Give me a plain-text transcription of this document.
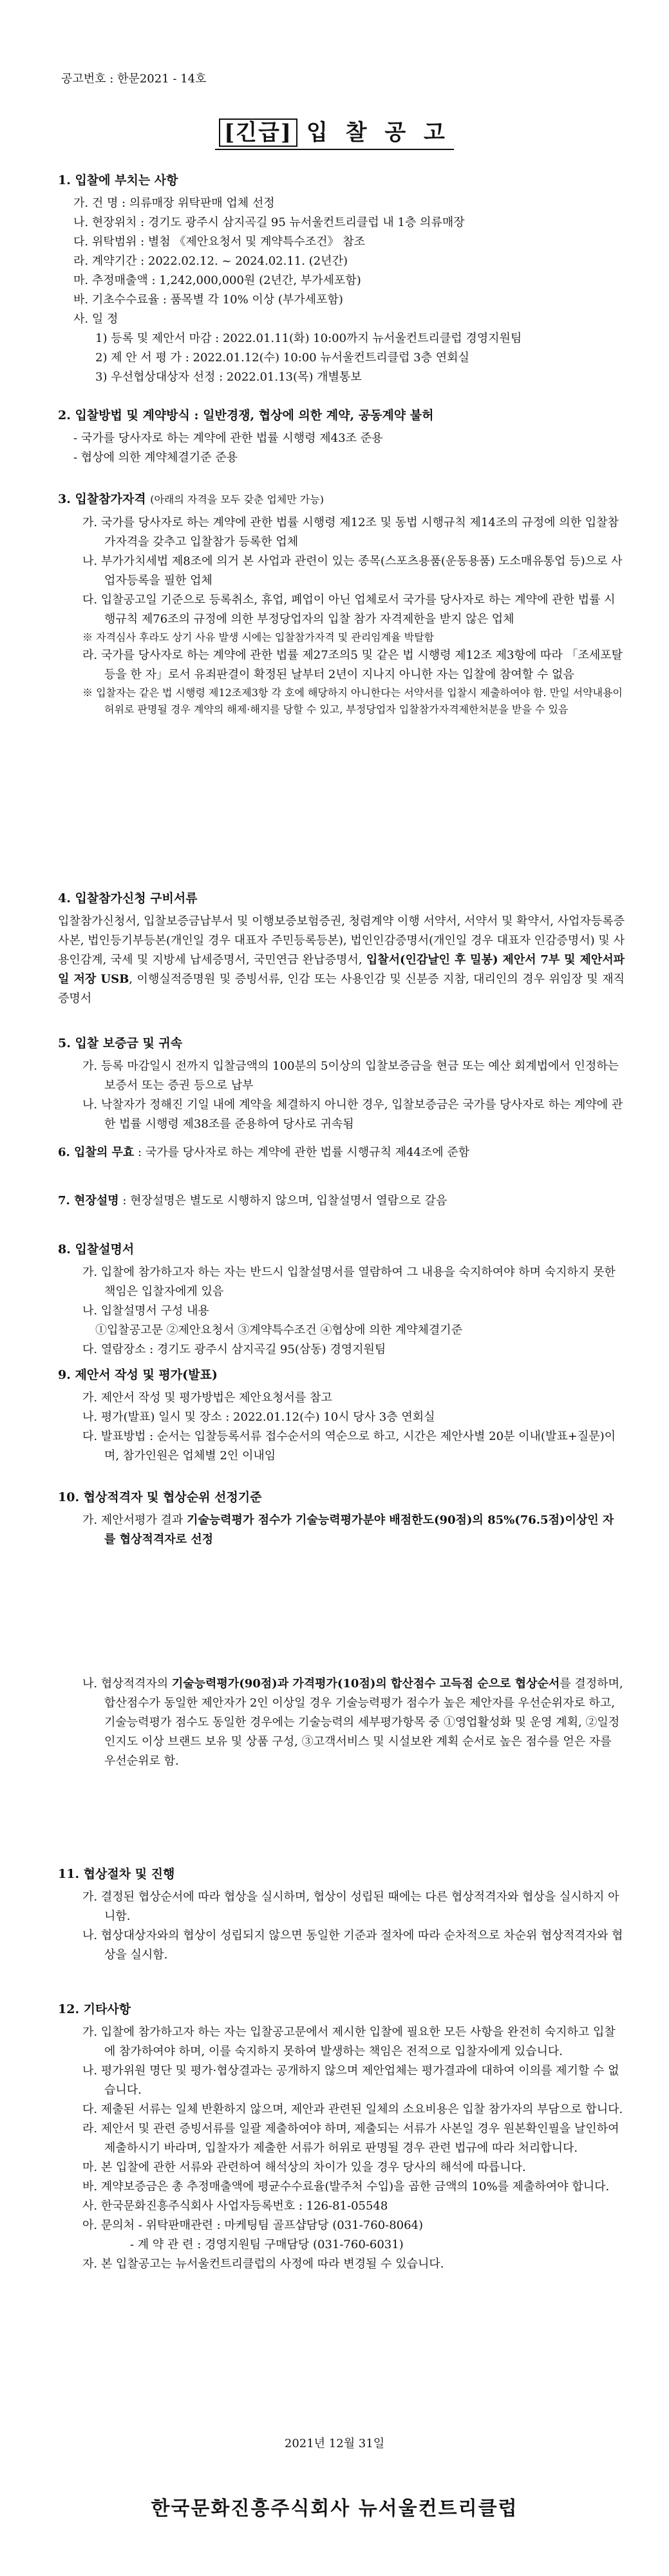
공고번호 : 한문2021 - 14호
[긴급] 입 찰 공 고
1. 입찰에 부치는 사항
가. 건 명 : 의류매장 위탁판매 업체 선정
나. 현장위치 : 경기도 광주시 삼지곡길 95 뉴서울컨트리클럽 내 1층 의류매장
다. 위탁범위 : 별첨 《제안요청서 및 계약특수조건》 참조
라. 계약기간 : 2022.02.12. ~ 2024.02.11. (2년간)
마. 추정매출액 : 1,242,000,000원 (2년간, 부가세포함)
바. 기초수수료율 : 품목별 각 10% 이상 (부가세포함)
사. 일 정
1) 등록 및 제안서 마감 : 2022.01.11(화) 10:00까지 뉴서울컨트리클럽 경영지원팀
2) 제 안 서 평 가 : 2022.01.12(수) 10:00 뉴서울컨트리클럽 3층 연회실
3) 우선협상대상자 선정 : 2022.01.13(목) 개별통보
2. 입찰방법 및 계약방식 : 일반경쟁, 협상에 의한 계약, 공동계약 불허
- 국가를 당사자로 하는 계약에 관한 법률 시행령 제43조 준용
- 협상에 의한 계약체결기준 준용
3. 입찰참가자격 (아래의 자격을 모두 갖춘 업체만 가능)
가. 국가를 당사자로 하는 계약에 관한 법률 시행령 제12조 및 동법 시행규칙 제14조의 규정에 의한 입찰참가자격을 갖추고 입찰참가 등록한 업체
나. 부가가치세법 제8조에 의거 본 사업과 관련이 있는 종목(스포츠용품(운동용품) 도소매유통업 등)으로 사업자등록을 필한 업체
다. 입찰공고일 기준으로 등록취소, 휴업, 폐업이 아닌 업체로서 국가를 당사자로 하는 계약에 관한 법률 시행규칙 제76조의 규정에 의한 부정당업자의 입찰 참가 자격제한을 받지 않은 업체
※ 자격심사 후라도 상기 사유 발생 시에는 입찰참가자격 및 관리임계율 박탈함
라. 국가를 당사자로 하는 계약에 관한 법률 제27조의5 및 같은 법 시행령 제12조 제3항에 따라 「조세포탈 등을 한 자」로서 유죄판결이 확정된 날부터 2년이 지나지 아니한 자는 입찰에 참여할 수 없음
※ 입찰자는 같은 법 시행령 제12조제3항 각 호에 해당하지 아니한다는 서약서를 입찰시 제출하여야 함. 만일 서약내용이 허위로 판명될 경우 계약의 해제·해지를 당할 수 있고, 부정당업자 입찰참가자격제한처분을 받을 수 있음
4. 입찰참가신청 구비서류
입찰참가신청서, 입찰보증금납부서 및 이행보증보험증권, 청렴계약 이행 서약서, 서약서 및 확약서, 사업자등록증 사본, 법인등기부등본(개인일 경우 대표자 주민등록등본), 법인인감증명서(개인일 경우 대표자 인감증명서) 및 사용인감계, 국세 및 지방세 납세증명서, 국민연금 완납증명서, 입찰서(인감날인 후 밀봉) 제안서 7부 및 제안서파일 저장 USB, 이행실적증명원 및 증빙서류, 인감 또는 사용인감 및 신분증 지참, 대리인의 경우 위임장 및 재직증명서
5. 입찰 보증금 및 귀속
가. 등록 마감일시 전까지 입찰금액의 100분의 5이상의 입찰보증금을 현금 또는 예산 회계법에서 인정하는 보증서 또는 증권 등으로 납부
나. 낙찰자가 정해진 기일 내에 계약을 체결하지 아니한 경우, 입찰보증금은 국가를 당사자로 하는 계약에 관한 법률 시행령 제38조를 준용하여 당사로 귀속됨
6. 입찰의 무효 : 국가를 당사자로 하는 계약에 관한 법률 시행규칙 제44조에 준함
7. 현장설명 : 현장설명은 별도로 시행하지 않으며, 입찰설명서 열람으로 갈음
8. 입찰설명서
가. 입찰에 참가하고자 하는 자는 반드시 입찰설명서를 열람하여 그 내용을 숙지하여야 하며 숙지하지 못한 책임은 입찰자에게 있음
나. 입찰설명서 구성 내용
①입찰공고문 ②제안요청서 ③계약특수조건 ④협상에 의한 계약체결기준
다. 열람장소 : 경기도 광주시 삼지곡길 95(삼동) 경영지원팀
9. 제안서 작성 및 평가(발표)
가. 제안서 작성 및 평가방법은 제안요청서를 참고
나. 평가(발표) 일시 및 장소 : 2022.01.12(수) 10시 당사 3층 연회실
다. 발표방법 : 순서는 입찰등록서류 접수순서의 역순으로 하고, 시간은 제안사별 20분 이내(발표+질문)이며, 참가인원은 업체별 2인 이내임
10. 협상적격자 및 협상순위 선정기준
가. 제안서평가 결과 기술능력평가 점수가 기술능력평가분야 배점한도(90점)의 85%(76.5점)이상인 자를 협상적격자로 선정
나. 협상적격자의 기술능력평가(90점)과 가격평가(10점)의 합산점수 고득점 순으로 협상순서를 결정하며, 합산점수가 동일한 제안자가 2인 이상일 경우 기술능력평가 점수가 높은 제안자를 우선순위자로 하고, 기술능력평가 점수도 동일한 경우에는 기술능력의 세부평가항목 중 ①영업활성화 및 운영 계획, ②일정 인지도 이상 브랜드 보유 및 상품 구성, ③고객서비스 및 시설보완 계획 순서로 높은 점수를 얻은 자를 우선순위로 함.
11. 협상절차 및 진행
가. 결정된 협상순서에 따라 협상을 실시하며, 협상이 성립된 때에는 다른 협상적격자와 협상을 실시하지 아니함.
나. 협상대상자와의 협상이 성립되지 않으면 동일한 기준과 절차에 따라 순차적으로 차순위 협상적격자와 협상을 실시함.
12. 기타사항
가. 입찰에 참가하고자 하는 자는 입찰공고문에서 제시한 입찰에 필요한 모든 사항을 완전히 숙지하고 입찰에 참가하여야 하며, 이를 숙지하지 못하여 발생하는 책임은 전적으로 입찰자에게 있습니다.
나. 평가위원 명단 및 평가·협상결과는 공개하지 않으며 제안업체는 평가결과에 대하여 이의를 제기할 수 없습니다.
다. 제출된 서류는 일체 반환하지 않으며, 제안과 관련된 일체의 소요비용은 입찰 참가자의 부담으로 합니다.
라. 제안서 및 관련 증빙서류를 일괄 제출하여야 하며, 제출되는 서류가 사본일 경우 원본확인필을 날인하여 제출하시기 바라며, 입찰자가 제출한 서류가 허위로 판명될 경우 관련 법규에 따라 처리합니다.
마. 본 입찰에 관한 서류와 관련하여 해석상의 차이가 있을 경우 당사의 해석에 따릅니다.
바. 계약보증금은 총 추정매출액에 평균수수료율(발주처 수입)을 곱한 금액의 10%를 제출하여야 합니다.
사. 한국문화진흥주식회사 사업자등록번호 : 126-81-05548
아. 문의처 - 위탁판매관련 : 마케팅팀 골프샵담당 (031-760-8064)
- 계 약 관 련 : 경영지원팀 구매담당 (031-760-6031)
자. 본 입찰공고는 뉴서울컨트리클럽의 사정에 따라 변경될 수 있습니다.
2021년 12월 31일
한국문화진흥주식회사 뉴서울컨트리클럽
